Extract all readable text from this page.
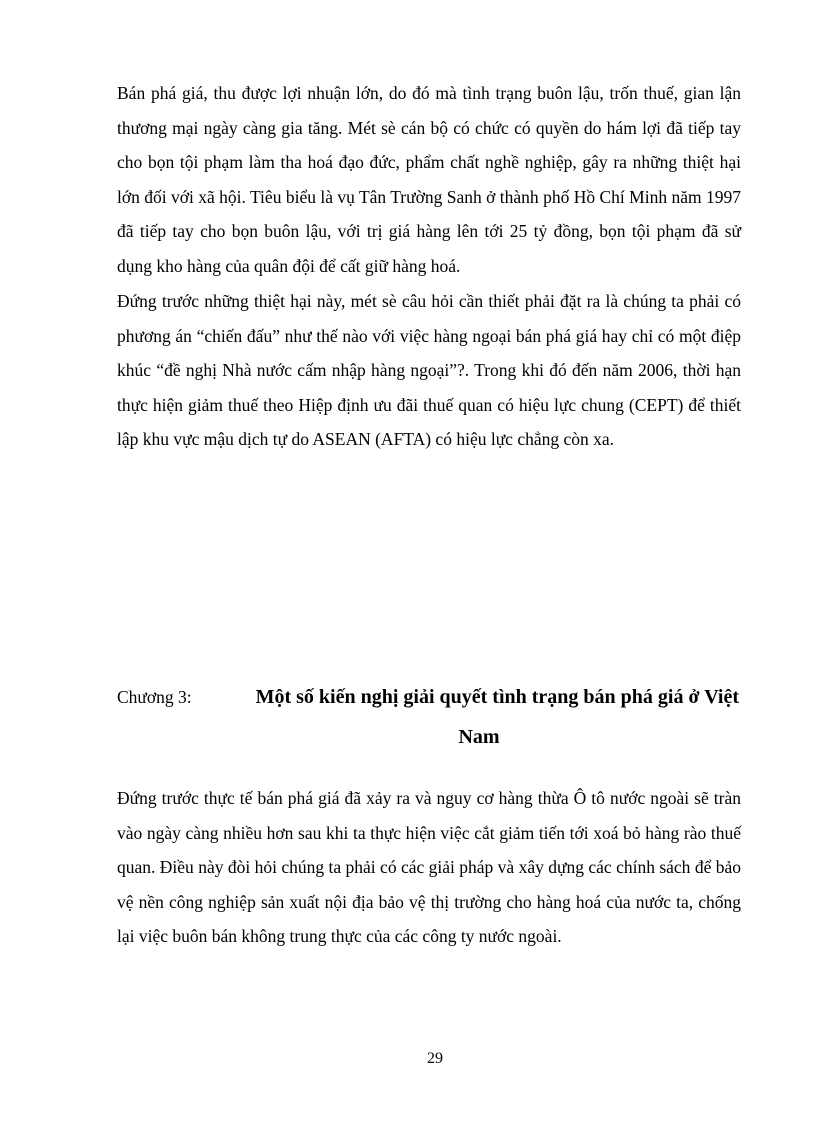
Bán phá giá, thu được lợi nhuận lớn, do đó mà tình trạng buôn lậu, trốn thuế, gian lận thương mại ngày càng gia tăng. Mét sè cán bộ có chức có quyền do hám lợi đã tiếp tay cho bọn tội phạm làm tha hoá đạo đức, phẩm chất nghề nghiệp, gây ra những thiệt hại lớn đối với xã hội. Tiêu biểu là vụ Tân Trường Sanh ở thành phố Hồ Chí Minh năm 1997 đã tiếp tay cho bọn buôn lậu, với trị giá hàng lên tới 25 tỷ đồng, bọn tội phạm đã sử dụng kho hàng của quân đội để cất giữ hàng hoá.

Đứng trước những thiệt hại này, mét sè câu hỏi cần thiết phải đặt ra là chúng ta phải có phương án “chiến đấu” như thế nào với việc hàng ngoại bán phá giá hay chỉ có một điệp khúc “đề nghị Nhà nước cấm nhập hàng ngoại”?. Trong khi đó đến năm 2006, thời hạn thực hiện giảm thuế theo Hiệp định ưu đãi thuế quan có hiệu lực chung (CEPT) để thiết lập khu vực mậu dịch tự do ASEAN (AFTA) có hiệu lực chẳng còn xa.

Chương 3:	Một số kiến nghị giải quyết tình trạng bán phá giá ở Việt
Nam

Đứng trước thực tế bán phá giá đã xảy ra và nguy cơ hàng thừa Ô tô nước ngoài sẽ tràn vào ngày càng nhiều hơn sau khi ta thực hiện việc cắt giảm tiến tới xoá bỏ hàng rào thuế quan. Điều này đòi hỏi chúng ta phải có các giải pháp và xây dựng các chính sách để bảo vệ nền công nghiệp sản xuất nội địa bảo vệ thị trường cho hàng hoá của nước ta, chống lại việc buôn bán không trung thực của các công ty nước ngoài.

29
